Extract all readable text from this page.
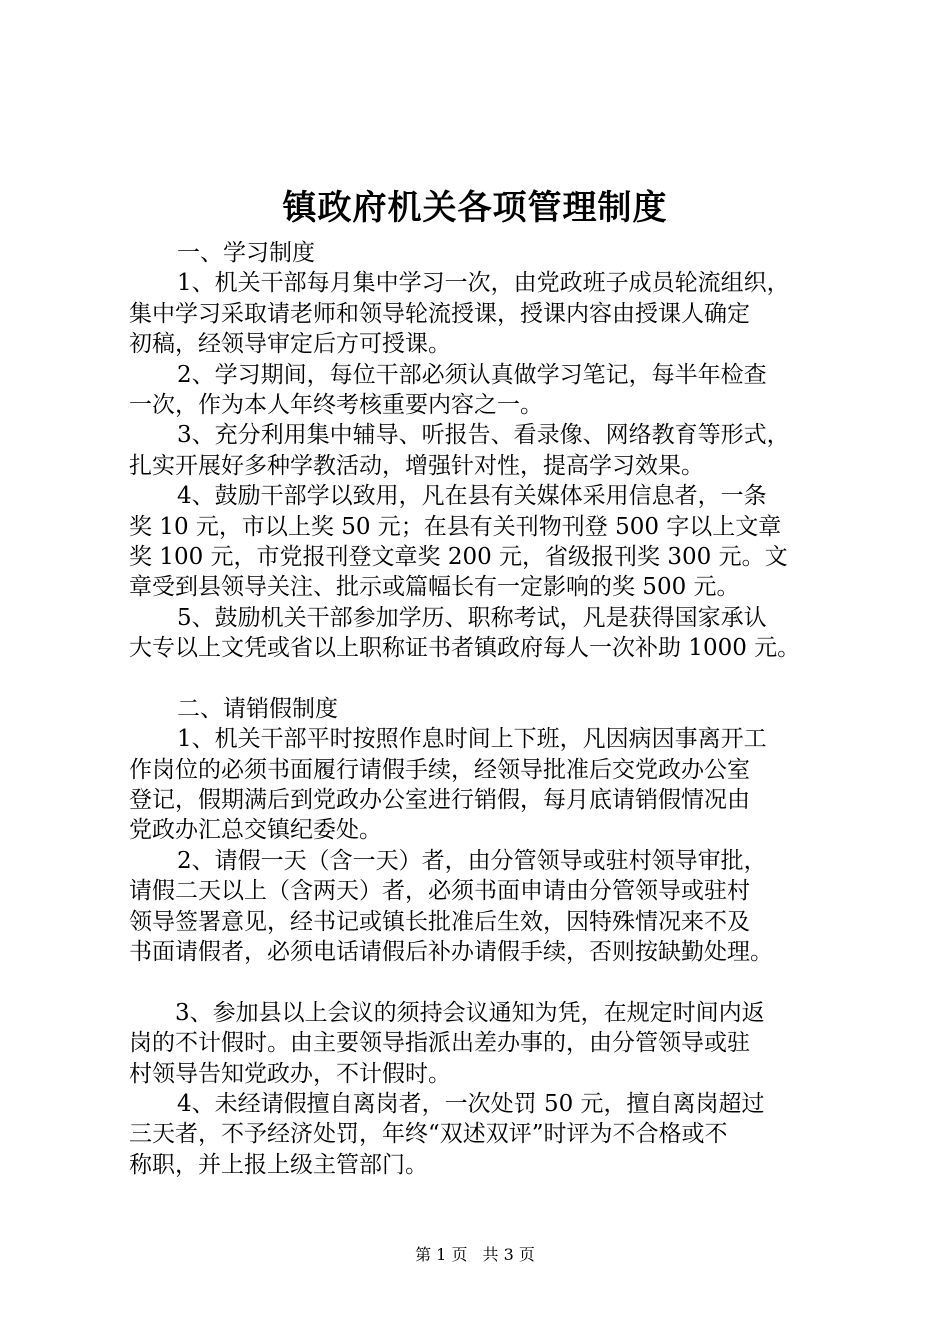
镇政府机关各项管理制度
一、学习制度
1、机关干部每月集中学习一次，由党政班子成员轮流组织，
集中学习采取请老师和领导轮流授课，授课内容由授课人确定
初稿，经领导审定后方可授课。
2、学习期间，每位干部必须认真做学习笔记，每半年检查
一次，作为本人年终考核重要内容之一。
3、充分利用集中辅导、听报告、看录像、网络教育等形式，
扎实开展好多种学教活动，增强针对性，提高学习效果。
4、鼓励干部学以致用，凡在县有关媒体采用信息者，一条
奖 10 元，市以上奖 50 元；在县有关刊物刊登 500 字以上文章
奖 100 元，市党报刊登文章奖 200 元，省级报刊奖 300 元。文
章受到县领导关注、批示或篇幅长有一定影响的奖 500 元。
5、鼓励机关干部参加学历、职称考试，凡是获得国家承认
大专以上文凭或省以上职称证书者镇政府每人一次补助 1000 元。
二、请销假制度
1、机关干部平时按照作息时间上下班，凡因病因事离开工
作岗位的必须书面履行请假手续，经领导批准后交党政办公室
登记，假期满后到党政办公室进行销假，每月底请销假情况由
党政办汇总交镇纪委处。
2、请假一天（含一天）者，由分管领导或驻村领导审批，
请假二天以上（含两天）者，必须书面申请由分管领导或驻村
领导签署意见，经书记或镇长批准后生效，因特殊情况来不及
书面请假者，必须电话请假后补办请假手续，否则按缺勤处理。
3、参加县以上会议的须持会议通知为凭，在规定时间内返
岗的不计假时。由主要领导指派出差办事的，由分管领导或驻
村领导告知党政办，不计假时。
4、未经请假擅自离岗者，一次处罚 50 元，擅自离岗超过
三天者，不予经济处罚，年终“双述双评”时评为不合格或不
称职，并上报上级主管部门。
第 1 页 共 3 页
